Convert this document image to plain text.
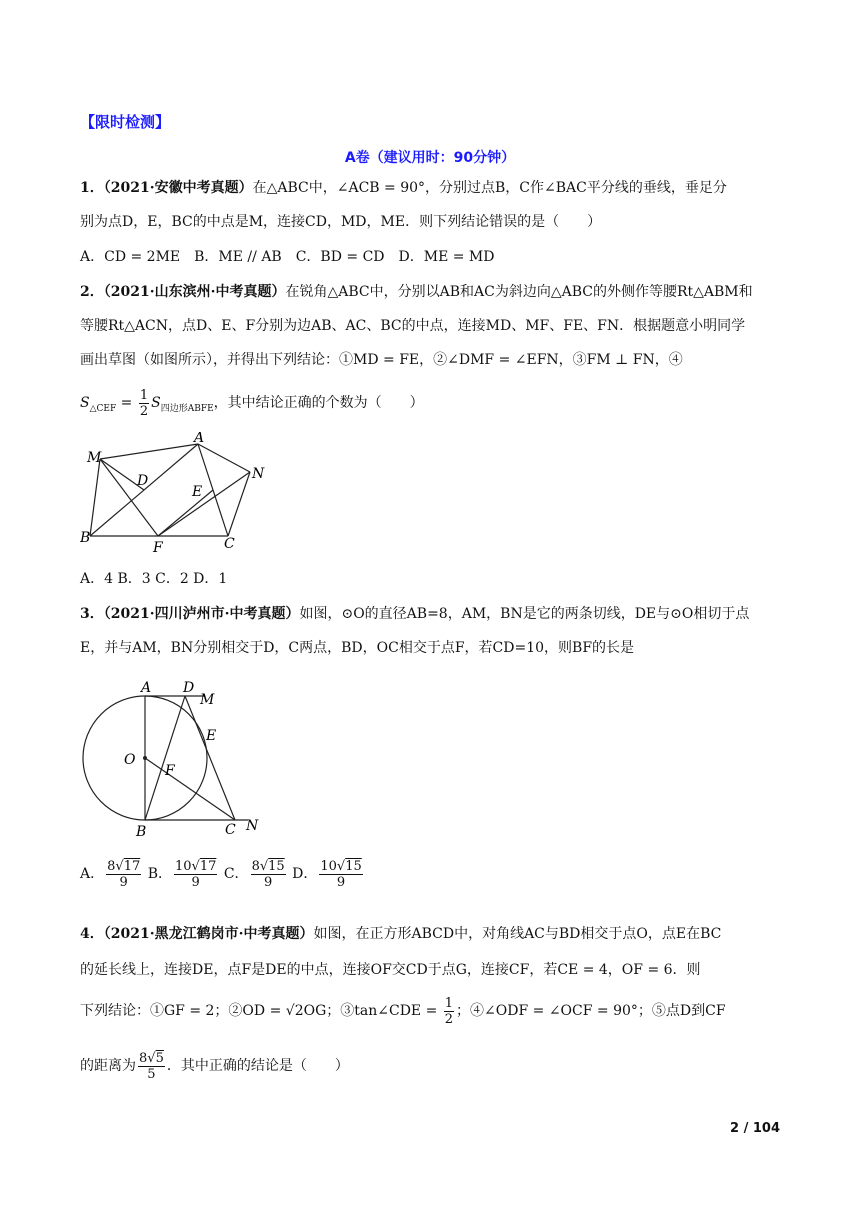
【限时检测】
A卷（建议用时：90分钟）
1．（2021·安徽中考真题）在△ABC中，∠ACB = 90°，分别过点B，C作∠BAC平分线的垂线，垂足分
别为点D，E，BC的中点是M，连接CD，MD，ME．则下列结论错误的是（　　）
A．CD = 2ME　B．ME // AB　C．BD = CD　D．ME = MD
2．（2021·山东滨州·中考真题）在锐角△ABC中，分别以AB和AC为斜边向△ABC的外侧作等腰Rt△ABM和
等腰Rt△ACN，点D、E、F分别为边AB、AC、BC的中点，连接MD、MF、FE、FN．根据题意小明同学
画出草图（如图所示），并得出下列结论：①MD = FE，②∠DMF = ∠EFN，③FM ⊥ FN，④
$S_{\triangle CEF} = \frac{1}{2} S_{四边形ABFE}$，其中结论正确的个数为（　　）
M
A
D
E
N
B
F	C
A．4 B．3 C．2 D．1
3．（2021·四川泸州市·中考真题）如图，⊙O的直径AB=8，AM，BN是它的两条切线，DE与⊙O相切于点
E，并与AM，BN分别相交于D，C两点，BD，OC相交于点F，若CD=10，则BF的长是
A D
M
E
O
F
B	C N
A． $\frac{8√17}{9}$ B． $\frac{10√17}{9}$ C． $\frac{8√15}{9}$ D． $\frac{10√15}{9}$
4．（2021·黑龙江鹤岗市·中考真题）如图，在正方形ABCD中，对角线AC与BD相交于点O，点E在BC
的延长线上，连接DE，点F是DE的中点，连接OF交CD于点G，连接CF，若CE = 4，OF = 6．则
下列结论：①GF = 2；②OD = √2OG；③tan∠CDE = $\frac{1}{2}$ ；④∠ODF = ∠OCF = 90°；⑤点D到CF
的距离为 $\frac{8√5}{5}$ ．其中正确的结论是（　　）
2 / 104
